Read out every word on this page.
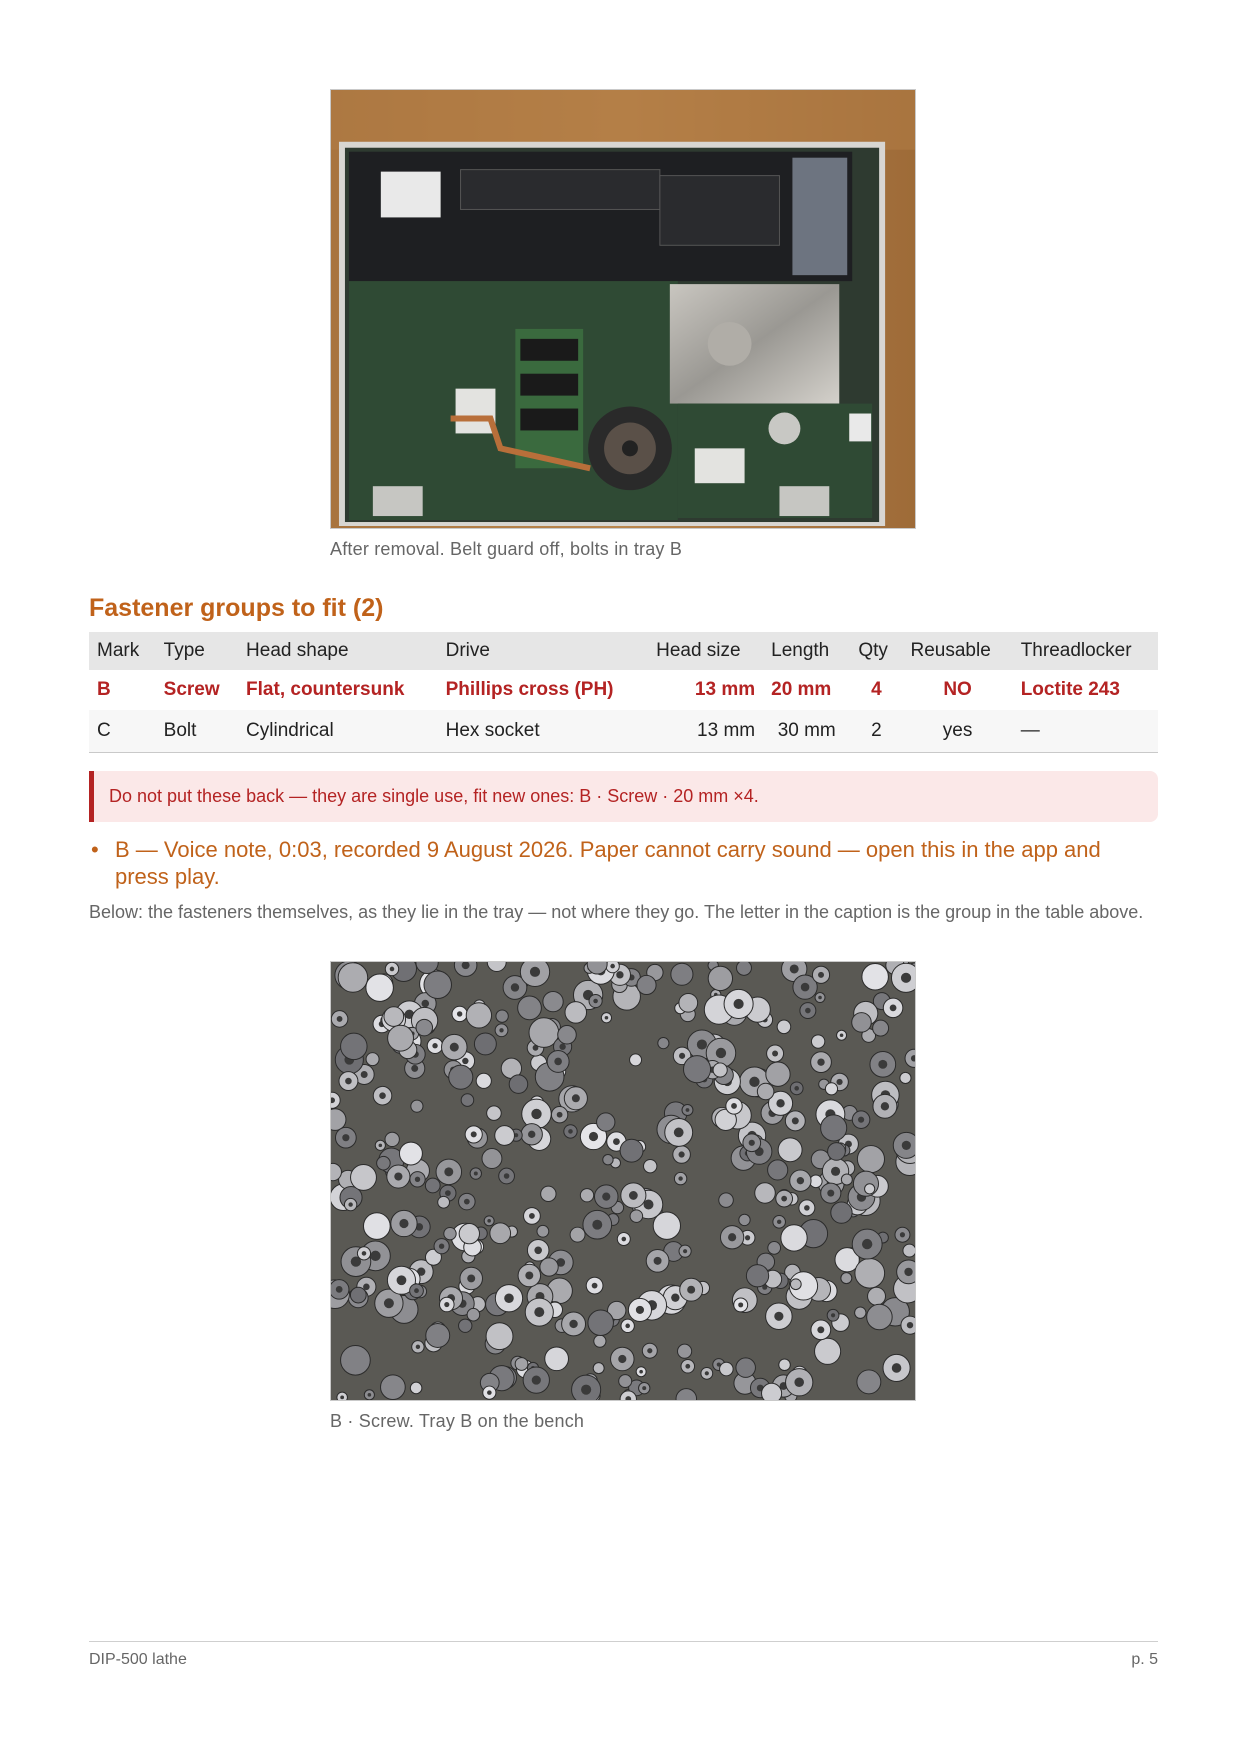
After removal. Belt guard off, bolts in tray B
Fastener groups to fit (2)
Mark	Type	Head shape	Drive	Head size	Length	Qty	Reusable	Threadlocker
B	Screw	Flat, countersunk	Phillips cross (PH)	13 mm	20 mm	4	NO	Loctite 243
C	Bolt	Cylindrical	Hex socket	13 mm	30 mm	2	yes	—
Do not put these back — they are single use, fit new ones: B · Screw · 20 mm ×4.
• B — Voice note, 0:03, recorded 9 August 2026. Paper cannot carry sound — open this in the app and press play.
Below: the fasteners themselves, as they lie in the tray — not where they go. The letter in the caption is the group in the table above.
B · Screw. Tray B on the bench
DIP-500 lathe	p. 5
